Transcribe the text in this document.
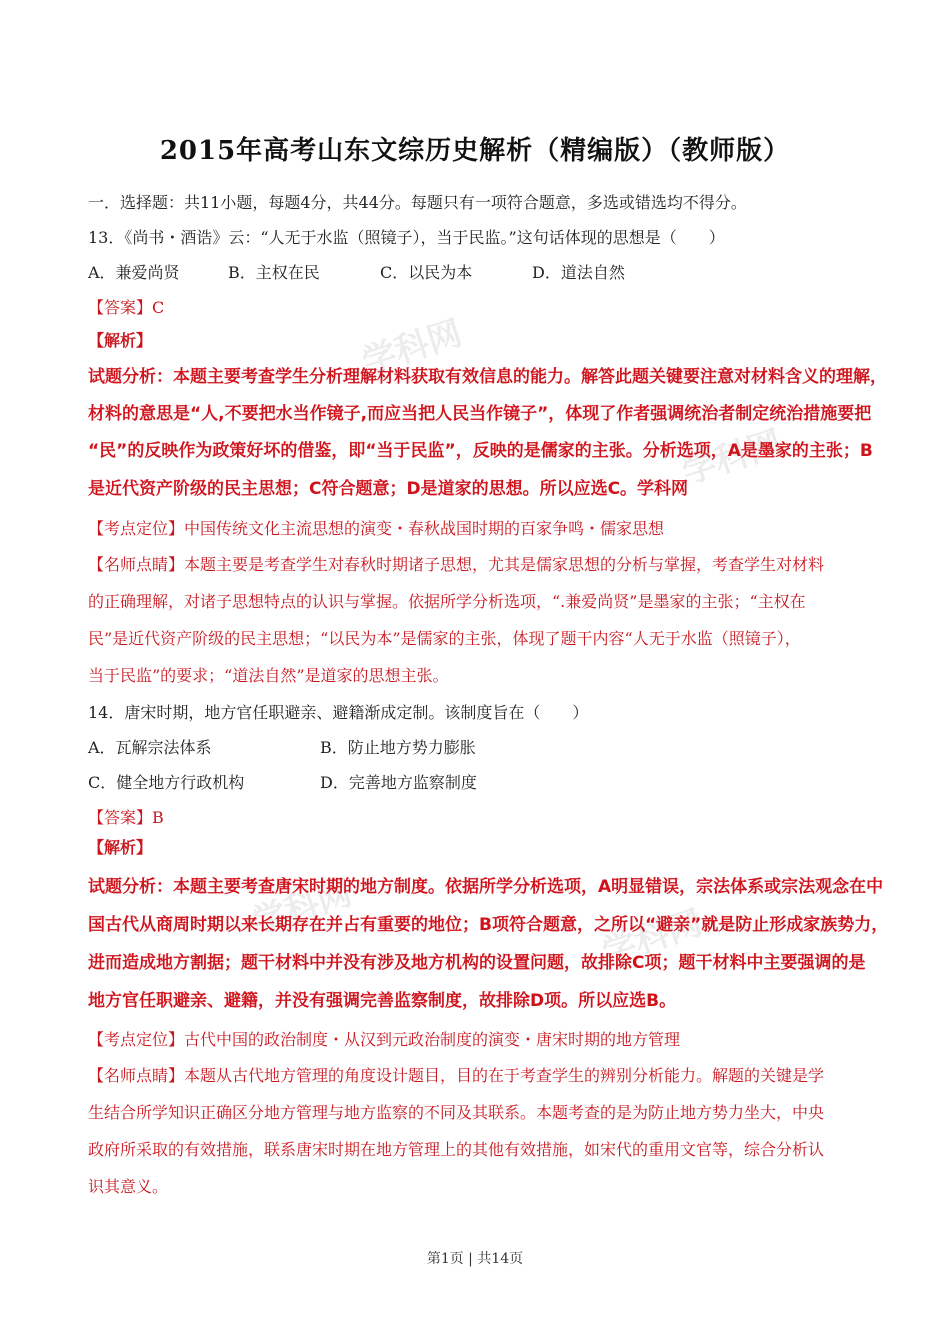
学科网
学科网
学科网	学科网
2015年高考山东文综历史解析（精编版）（教师版）
一．选择题：共11小题，每题4分，共44分。每题只有一项符合题意，多选或错选均不得分。
13．《尚书・酒诰》云：“人无于水监（照镜子），当于民监。”这句话体现的思想是（　　）
A．兼爱尚贤	B．主权在民	C．以民为本	D．道法自然
【答案】C
【解析】
试题分析：本题主要考查学生分析理解材料获取有效信息的能力。解答此题关键要注意对材料含义的理解，
材料的意思是“人,不要把水当作镜子,而应当把人民当作镜子”，体现了作者强调统治者制定统治措施要把
“民”的反映作为政策好坏的借鉴，即“当于民监”，反映的是儒家的主张。分析选项，A是墨家的主张；B
是近代资产阶级的民主思想；C符合题意；D是道家的思想。所以应选C。学科网
【考点定位】中国传统文化主流思想的演变・春秋战国时期的百家争鸣・儒家思想
【名师点睛】本题主要是考查学生对春秋时期诸子思想，尤其是儒家思想的分析与掌握，考查学生对材料
的正确理解，对诸子思想特点的认识与掌握。依据所学分析选项，“.兼爱尚贤”是墨家的主张；“主权在
民”是近代资产阶级的民主思想；“以民为本”是儒家的主张，体现了题干内容“人无于水监（照镜子），
当于民监”的要求；“道法自然”是道家的思想主张。
14．唐宋时期，地方官任职避亲、避籍渐成定制。该制度旨在（　　）
A．瓦解宗法体系	B．防止地方势力膨胀
C．健全地方行政机构	D．完善地方监察制度
【答案】B
【解析】
试题分析：本题主要考查唐宋时期的地方制度。依据所学分析选项，A明显错误，宗法体系或宗法观念在中
国古代从商周时期以来长期存在并占有重要的地位；B项符合题意，之所以“避亲”就是防止形成家族势力，
进而造成地方割据；题干材料中并没有涉及地方机构的设置问题，故排除C项；题干材料中主要强调的是
地方官任职避亲、避籍，并没有强调完善监察制度，故排除D项。所以应选B。
【考点定位】古代中国的政治制度・从汉到元政治制度的演变・唐宋时期的地方管理
【名师点睛】本题从古代地方管理的角度设计题目，目的在于考查学生的辨别分析能力。解题的关键是学
生结合所学知识正确区分地方管理与地方监察的不同及其联系。本题考查的是为防止地方势力坐大，中央
政府所采取的有效措施，联系唐宋时期在地方管理上的其他有效措施，如宋代的重用文官等，综合分析认
识其意义。
第1页 | 共14页
